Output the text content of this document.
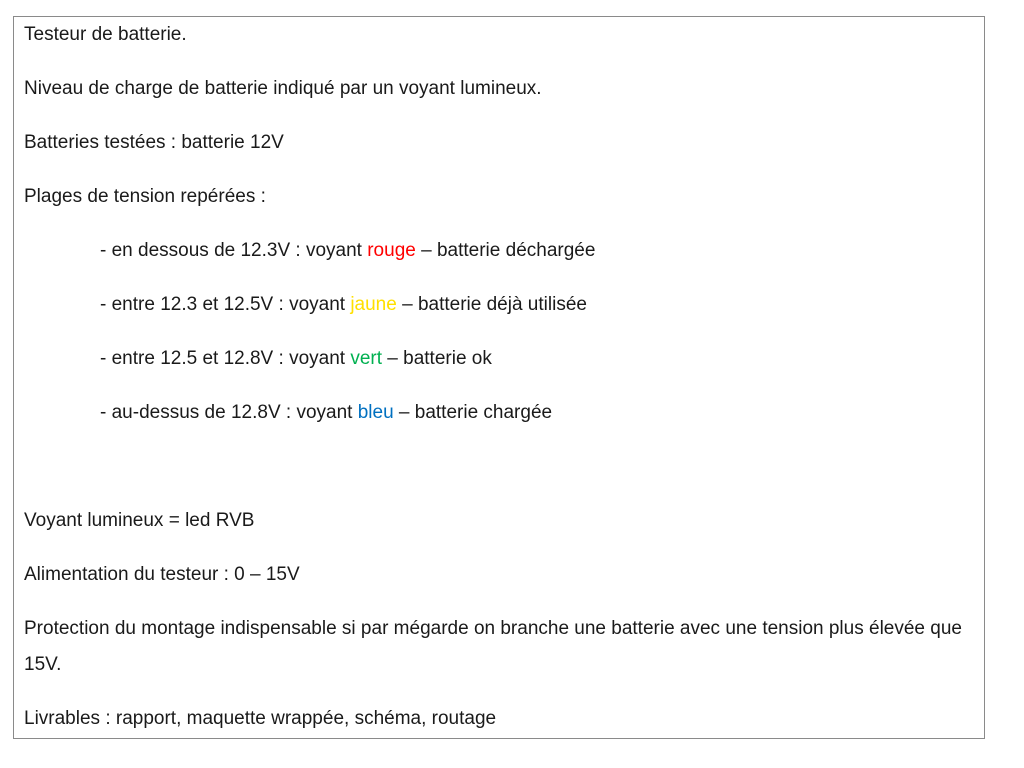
Testeur de batterie.
Niveau de charge de batterie indiqué par un voyant lumineux.
Batteries testées : batterie 12V
Plages de tension repérées :
- en dessous de 12.3V : voyant rouge – batterie déchargée
- entre 12.3 et 12.5V : voyant jaune – batterie déjà utilisée
- entre 12.5 et 12.8V : voyant vert – batterie ok
- au-dessus de 12.8V : voyant bleu – batterie chargée
Voyant lumineux = led RVB
Alimentation du testeur : 0 – 15V
Protection du montage indispensable si par mégarde on branche une batterie avec une tension plus élevée que 15V.
Livrables : rapport, maquette wrappée, schéma, routage
